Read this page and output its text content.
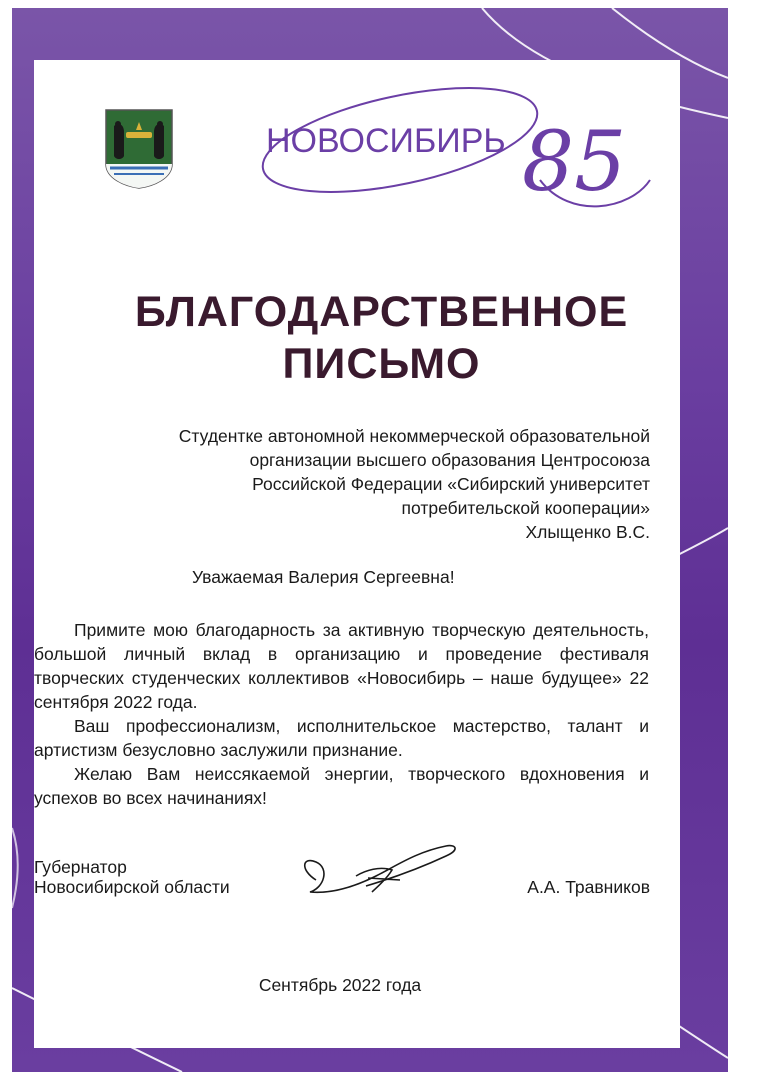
НОВОСИБИРЬ 85
БЛАГОДАРСТВЕННОЕ
ПИСЬМО
Студентке автономной некоммерческой образовательной
организации высшего образования Центросоюза
Российской Федерации «Сибирский университет
потребительской кооперации»
Хлыщенко В.С.
Уважаемая Валерия Сергеевна!

Примите мою благодарность за активную творческую деятельность, большой личный вклад в организацию и проведение фестиваля творческих студенческих коллективов «Новосибирь – наше будущее» 22 сентября 2022 года.

Ваш профессионализм, исполнительское мастерство, талант и артистизм безусловно заслужили признание.

Желаю Вам неиссякаемой энергии, творческого вдохновения и успехов во всех начинаниях!

Губернатор
Новосибирской области	А.А. Травников
Сентябрь 2022 года
